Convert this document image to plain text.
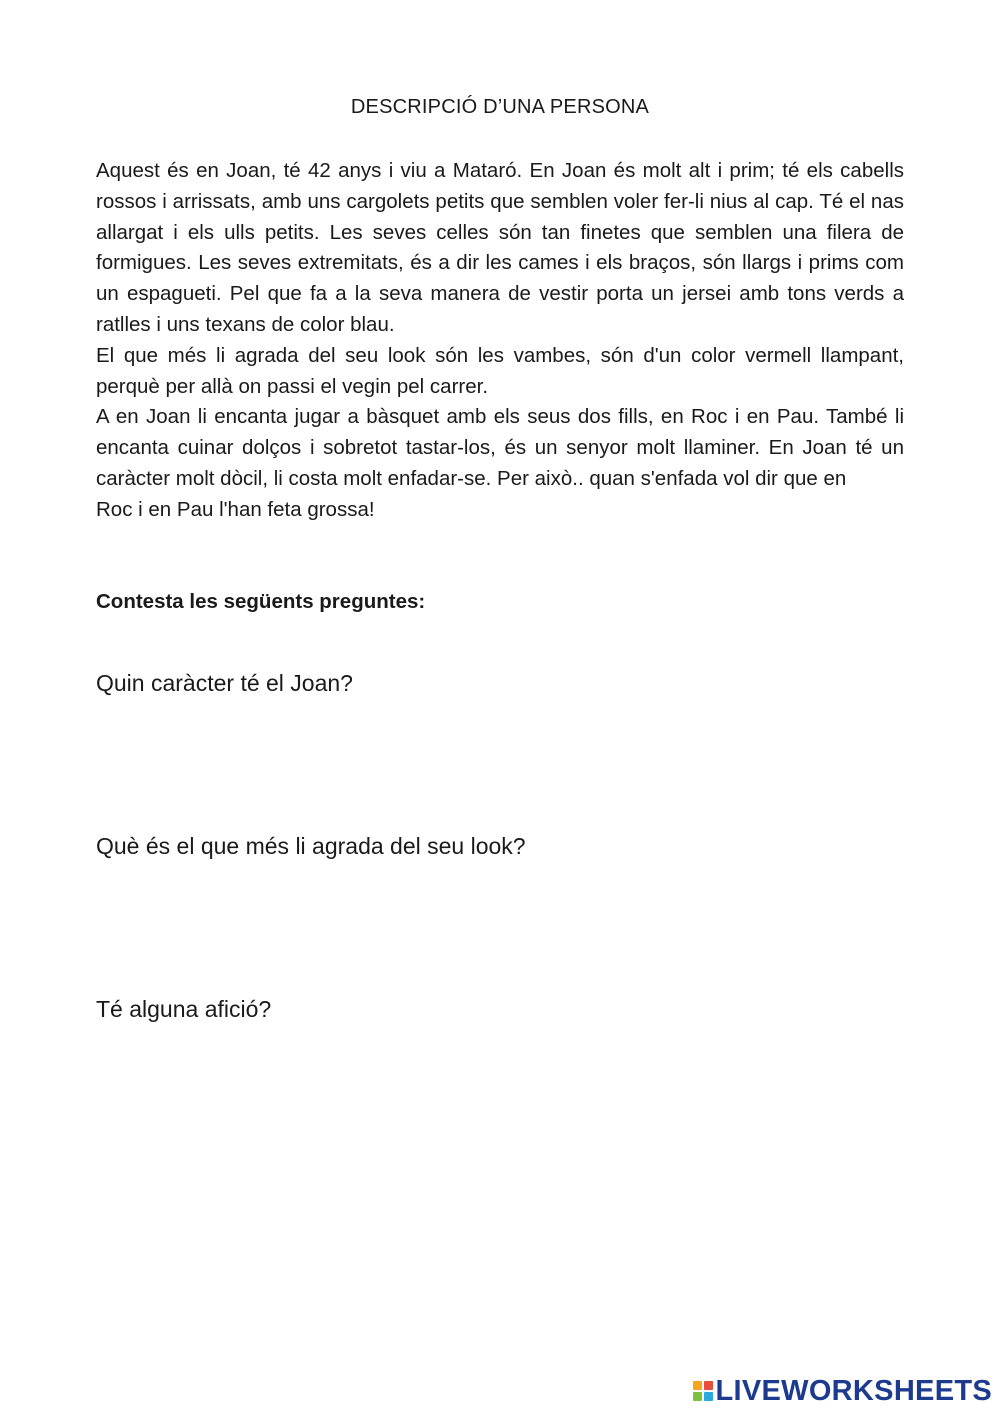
DESCRIPCIÓ D’UNA PERSONA

Aquest és en Joan, té 42 anys i viu a Mataró. En Joan és molt alt i prim; té els cabells rossos i arrissats, amb uns cargolets petits que semblen voler fer-li nius al cap. Té el nas allargat i els ulls petits. Les seves celles són tan finetes que semblen una filera de formigues. Les seves extremitats, és a dir les cames i els braços, són llargs i prims com un espagueti. Pel que fa a la seva manera de vestir porta un jersei amb tons verds a ratlles i uns texans de color blau.

El que més li agrada del seu look són les vambes, són d'un color vermell llampant, perquè per allà on passi el vegin pel carrer.

A en Joan li encanta jugar a bàsquet amb els seus dos fills, en Roc i en Pau. També li encanta cuinar dolços i sobretot tastar-los, és un senyor molt llaminer. En Joan té un caràcter molt dòcil, li costa molt enfadar-se. Per això.. quan s'enfada vol dir que en

Roc i en Pau l'han feta grossa!

Contesta les següents preguntes:
Quin caràcter té el Joan?
Què és el que més li agrada del seu look?
Té alguna afició?
LIVEWORKSHEETS
